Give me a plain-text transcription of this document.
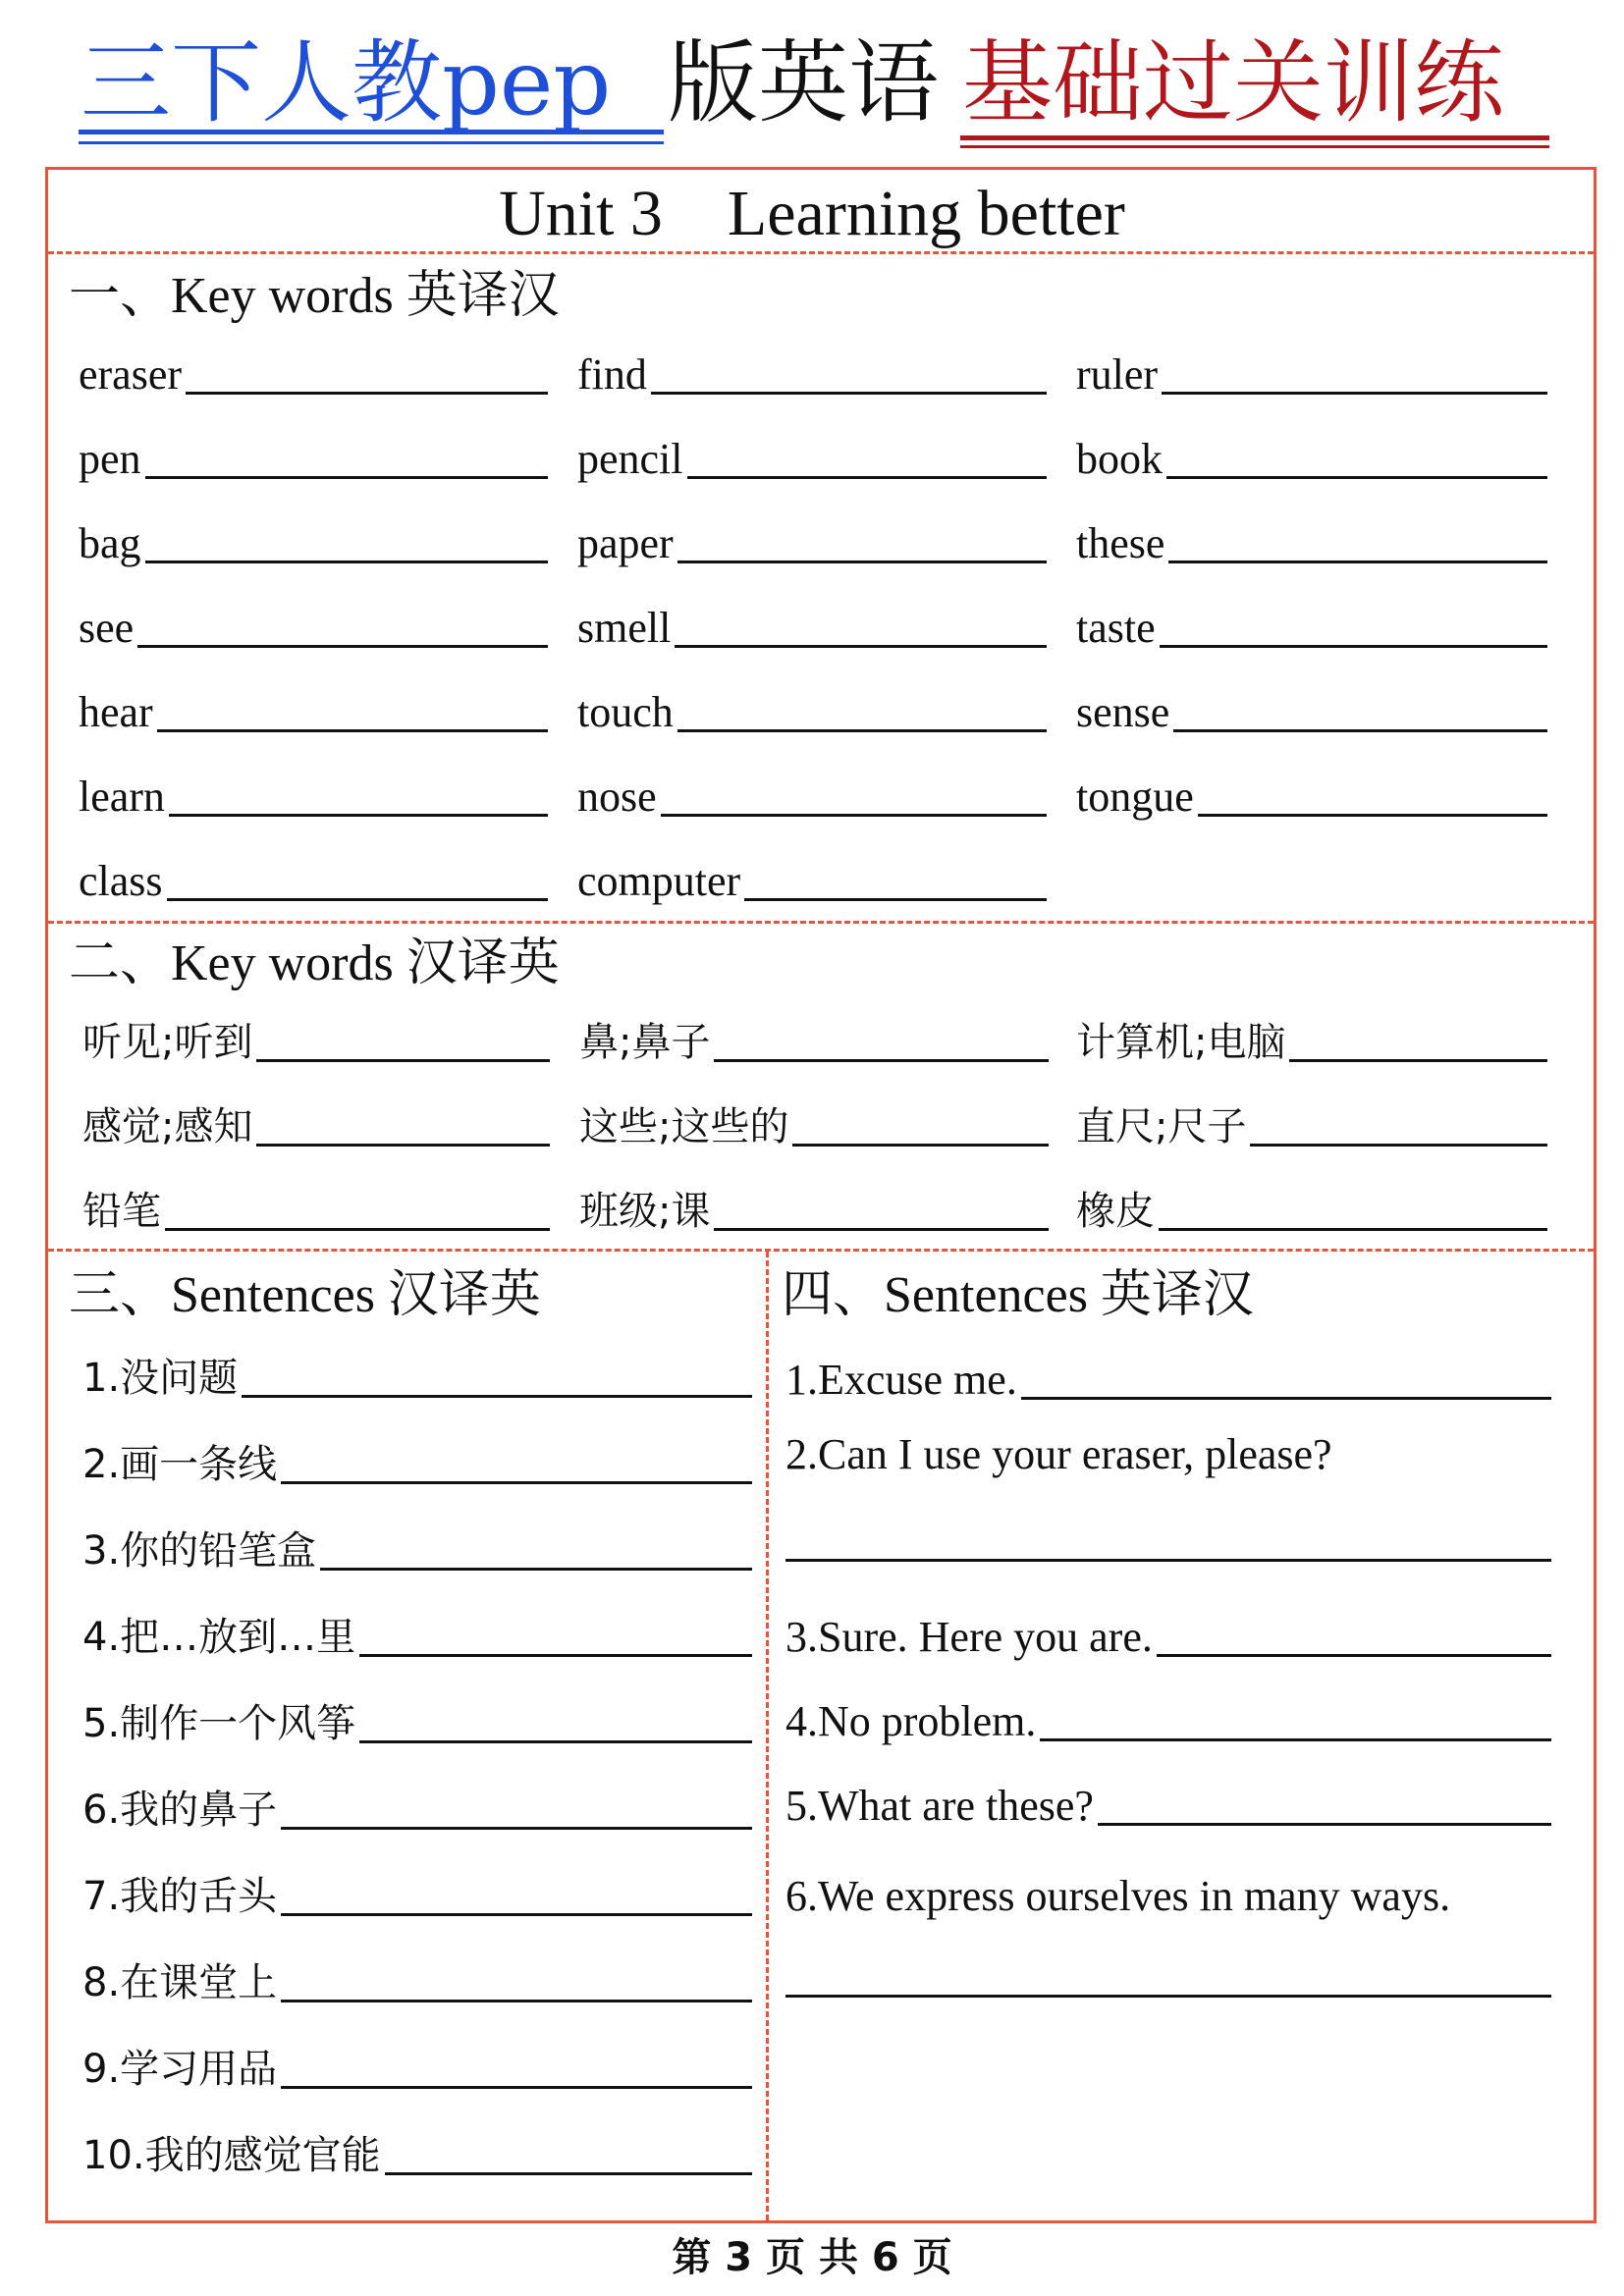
三下人教pep 版英语 基础过关训练
Unit 3    Learning better
一、Key words 英译汉
eraser	find	ruler
pen	pencil	book
bag	paper	these
see	smell	taste
hear	touch	sense
learn	nose	tongue
class	computer
二、Key words 汉译英
听见;听到	鼻;鼻子	计算机;电脑
感觉;感知	这些;这些的	直尺;尺子
铅笔	班级;课	橡皮
三、Sentences 汉译英
1.没问题
2.画一条线
3.你的铅笔盒
4.把…放到…里
5.制作一个风筝
6.我的鼻子
7.我的舌头
8.在课堂上
9.学习用品
10.我的感觉官能
四、Sentences 英译汉
1.Excuse me.
2.Can I use your eraser, please?
3.Sure. Here you are.
4.No problem.
5.What are these?
6.We express ourselves in many ways.
第 3 页 共 6 页
